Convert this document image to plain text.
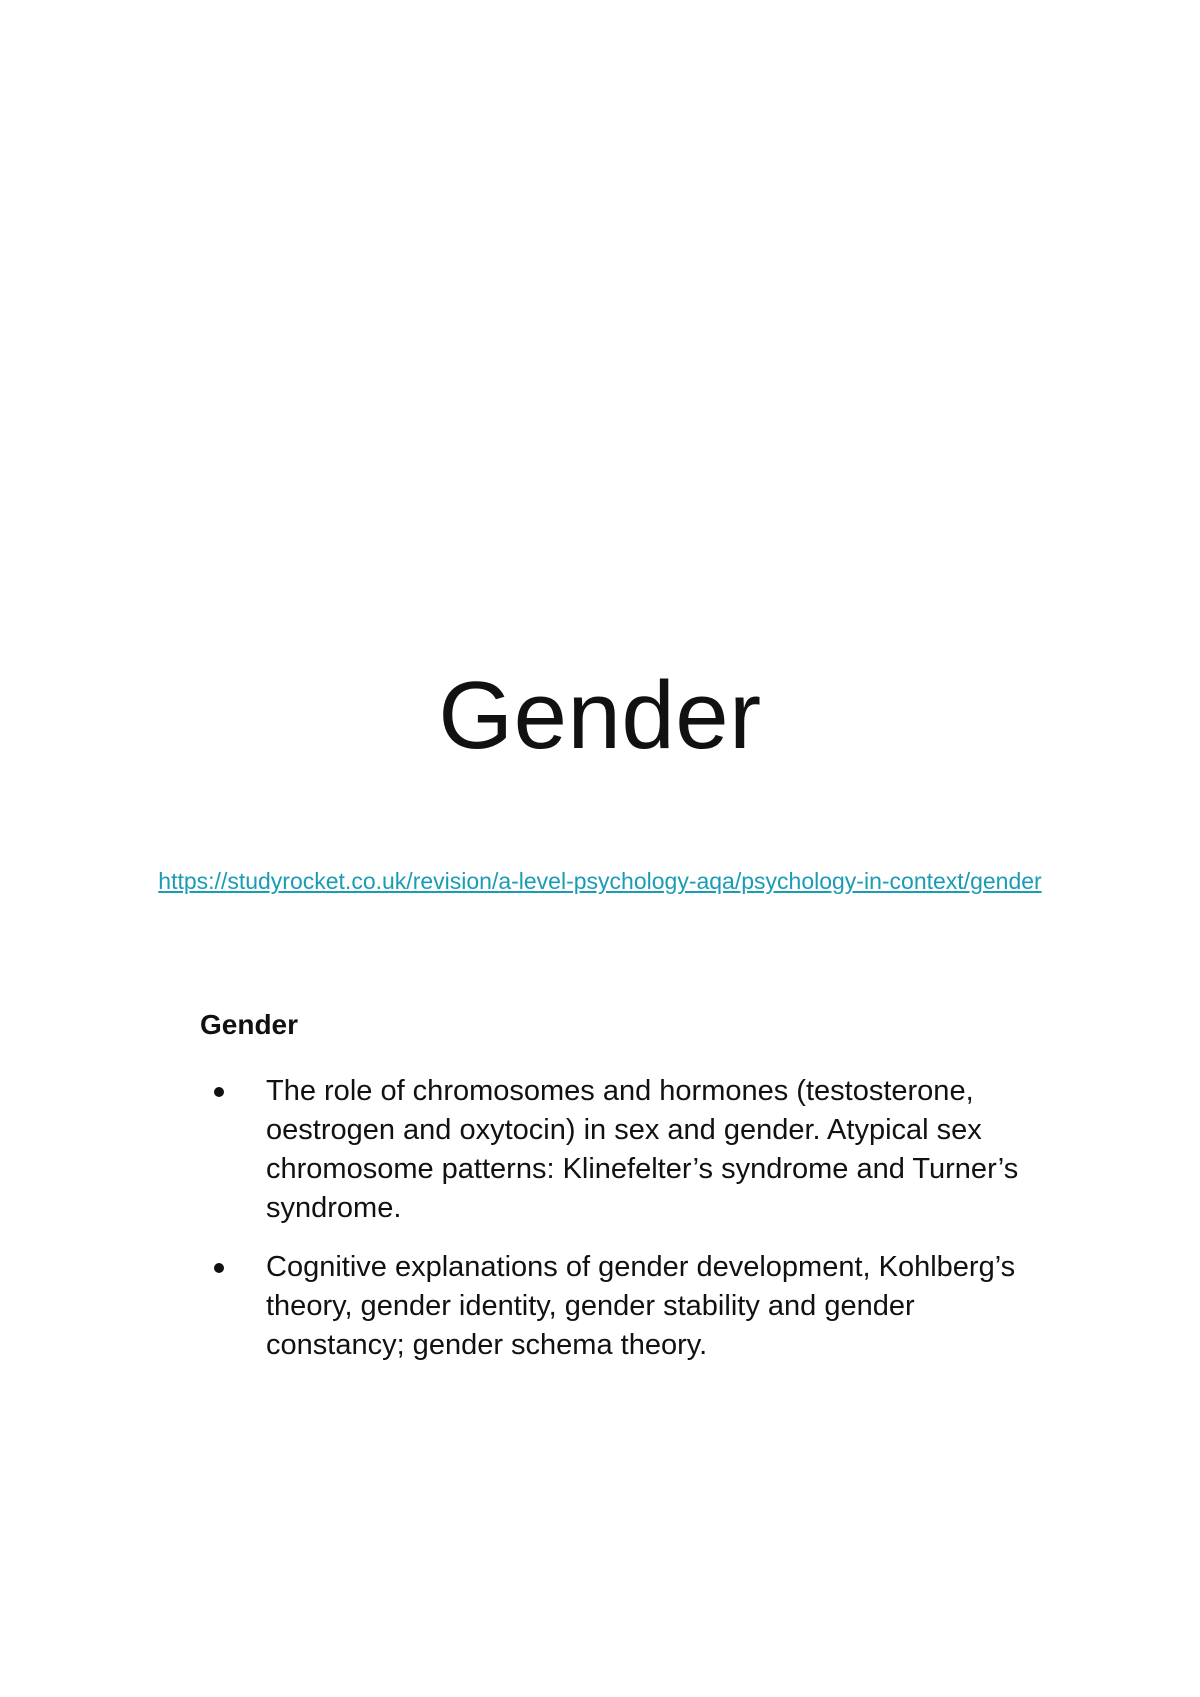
Gender
https://studyrocket.co.uk/revision/a-level-psychology-aqa/psychology-in-context/gender
Gender
The role of chromosomes and hormones (testosterone, oestrogen and oxytocin) in sex and gender. Atypical sex chromosome patterns: Klinefelter’s syndrome and Turner’s syndrome.
Cognitive explanations of gender development, Kohlberg’s theory, gender identity, gender stability and gender constancy; gender schema theory.
